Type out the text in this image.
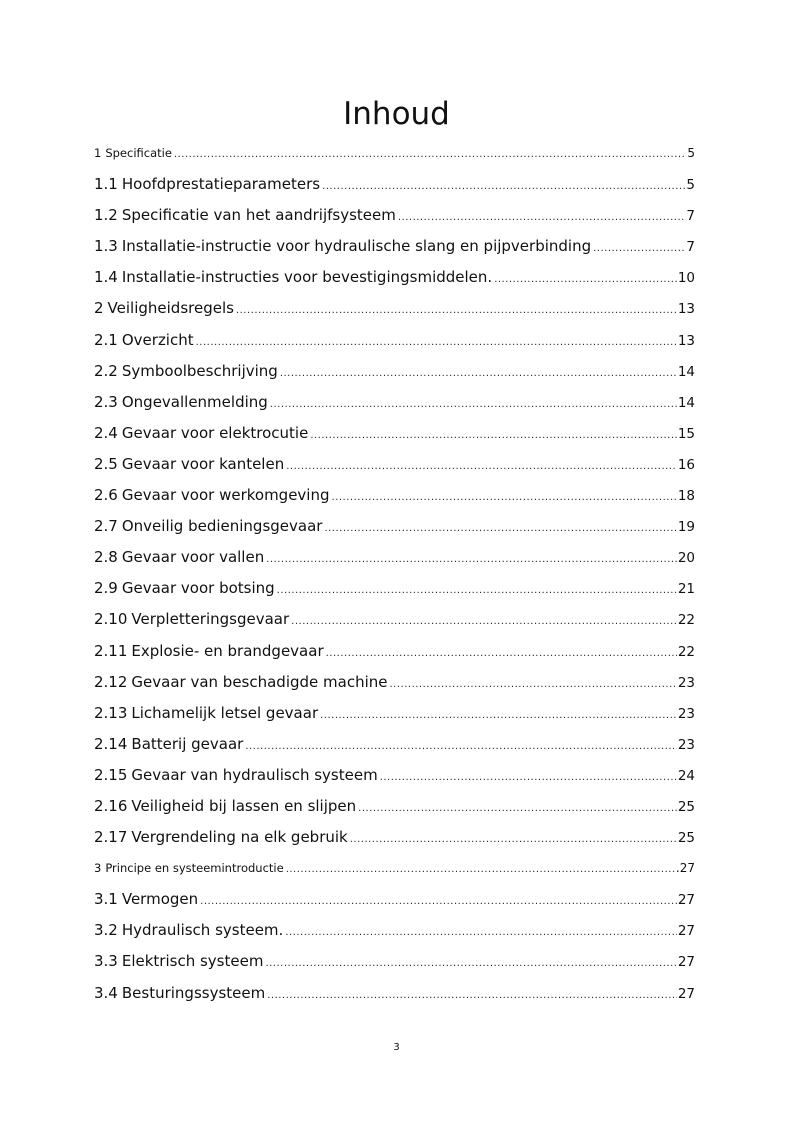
Inhoud
1 Specificatie .....	5
1.1 Hoofdprestatieparameters .....	5
1.2 Specificatie van het aandrijfsysteem .....	7
1.3 Installatie-instructie voor hydraulische slang en pijpverbinding .....	7
1.4 Installatie-instructies voor bevestigingsmiddelen. .....	10
2 Veiligheidsregels .....	13
2.1 Overzicht .....	13
2.2 Symboolbeschrijving .....	14
2.3 Ongevallenmelding .....	14
2.4 Gevaar voor elektrocutie .....	15
2.5 Gevaar voor kantelen .....	16
2.6 Gevaar voor werkomgeving .....	18
2.7 Onveilig bedieningsgevaar .....	19
2.8 Gevaar voor vallen .....	20
2.9 Gevaar voor botsing .....	21
2.10 Verpletteringsgevaar .....	22
2.11 Explosie- en brandgevaar .....	22
2.12 Gevaar van beschadigde machine .....	23
2.13 Lichamelijk letsel gevaar .....	23
2.14 Batterij gevaar .....	23
2.15 Gevaar van hydraulisch systeem .....	24
2.16 Veiligheid bij lassen en slijpen .....	25
2.17 Vergrendeling na elk gebruik .....	25
3 Principe en systeemintroductie .....	.27
3.1 Vermogen .....	27
3.2 Hydraulisch systeem. .....	27
3.3 Elektrisch systeem .....	27
3.4 Besturingssysteem .....	27
3
